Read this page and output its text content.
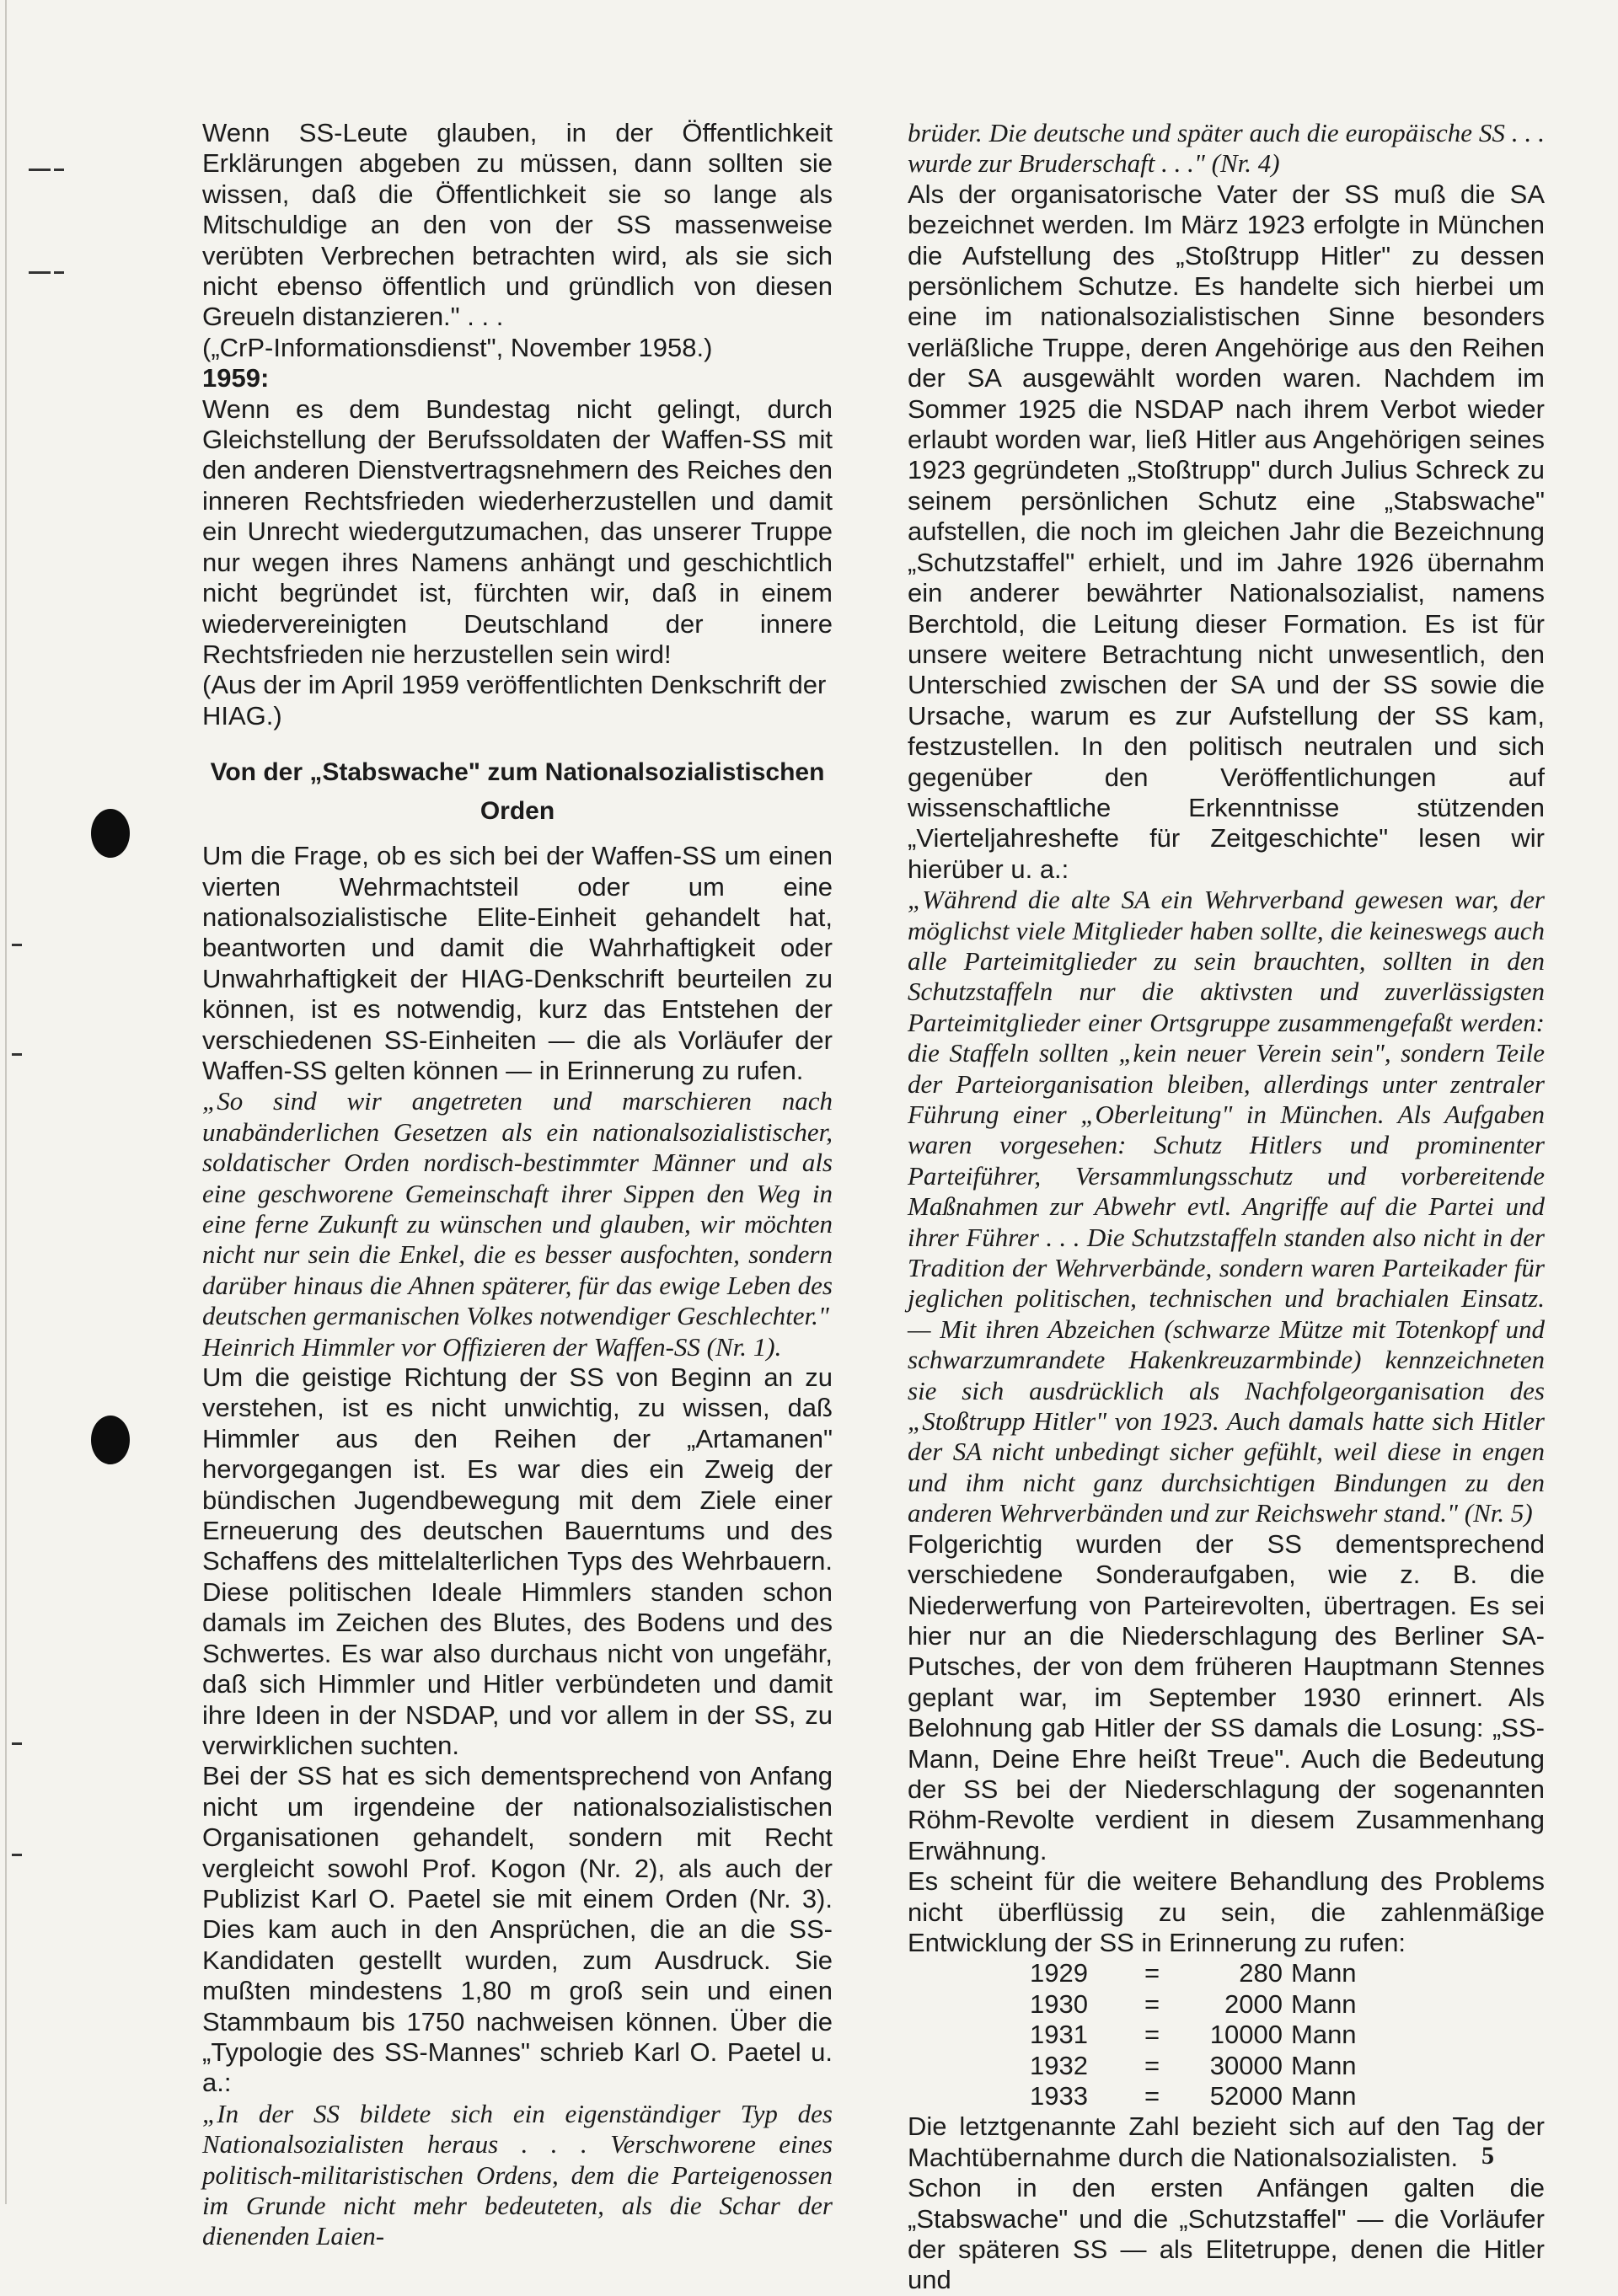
Wenn SS-Leute glauben, in der Öffentlichkeit Erklärungen abgeben zu müssen, dann sollten sie wissen, daß die Öffentlichkeit sie so lange als Mitschuldige an den von der SS massenweise verübten Verbrechen betrachten wird, als sie sich nicht ebenso öffentlich und gründlich von diesen Greueln distanzieren." . . .

(„CrP-Informationsdienst", November 1958.)

1959:

Wenn es dem Bundestag nicht gelingt, durch Gleichstellung der Berufssoldaten der Waffen-SS mit den anderen Dienstvertragsnehmern des Reiches den inneren Rechtsfrieden wiederherzustellen und damit ein Unrecht wiedergutzumachen, das unserer Truppe nur wegen ihres Namens anhängt und geschichtlich nicht begründet ist, fürchten wir, daß in einem wiedervereinigten Deutschland der innere Rechtsfrieden nie herzustellen sein wird!

(Aus der im April 1959 veröffentlichten Denkschrift der HIAG.)

Von der „Stabswache" zum Nationalsozialistischen
Orden

Um die Frage, ob es sich bei der Waffen-SS um einen vierten Wehrmachtsteil oder um eine nationalsozialistische Elite-Einheit gehandelt hat, beantworten und damit die Wahrhaftigkeit oder Unwahrhaftigkeit der HIAG-Denkschrift beurteilen zu können, ist es notwendig, kurz das Entstehen der verschiedenen SS-Einheiten — die als Vorläufer der Waffen-SS gelten können — in Erinnerung zu rufen.

„So sind wir angetreten und marschieren nach unabänderlichen Gesetzen als ein nationalsozialistischer, soldatischer Orden nordisch-bestimmter Männer und als eine geschworene Gemeinschaft ihrer Sippen den Weg in eine ferne Zukunft zu wünschen und glauben, wir möchten nicht nur sein die Enkel, die es besser ausfochten, sondern darüber hinaus die Ahnen späterer, für das ewige Leben des deutschen germanischen Volkes notwendiger Geschlechter."

Heinrich Himmler vor Offizieren der Waffen-SS (Nr. 1).

Um die geistige Richtung der SS von Beginn an zu verstehen, ist es nicht unwichtig, zu wissen, daß Himmler aus den Reihen der „Artamanen" hervorgegangen ist. Es war dies ein Zweig der bündischen Jugendbewegung mit dem Ziele einer Erneuerung des deutschen Bauerntums und des Schaffens des mittelalterlichen Typs des Wehrbauern. Diese politischen Ideale Himmlers standen schon damals im Zeichen des Blutes, des Bodens und des Schwertes. Es war also durchaus nicht von ungefähr, daß sich Himmler und Hitler verbündeten und damit ihre Ideen in der NSDAP, und vor allem in der SS, zu verwirklichen suchten.

Bei der SS hat es sich dementsprechend von Anfang nicht um irgendeine der nationalsozialistischen Organisationen gehandelt, sondern mit Recht vergleicht sowohl Prof. Kogon (Nr. 2), als auch der Publizist Karl O. Paetel sie mit einem Orden (Nr. 3). Dies kam auch in den Ansprüchen, die an die SS-Kandidaten gestellt wurden, zum Ausdruck. Sie mußten mindestens 1,80 m groß sein und einen Stammbaum bis 1750 nachweisen können. Über die „Typologie des SS-Mannes" schrieb Karl O. Paetel u. a.:

„In der SS bildete sich ein eigenständiger Typ des Nationalsozialisten heraus . . . Verschworene eines politisch-militaristischen Ordens, dem die Parteigenossen im Grunde nicht mehr bedeuteten, als die Schar der dienenden Laien-

brüder. Die deutsche und später auch die europäische SS . . . wurde zur Bruderschaft . . ." (Nr. 4)

Als der organisatorische Vater der SS muß die SA bezeichnet werden. Im März 1923 erfolgte in München die Aufstellung des „Stoßtrupp Hitler" zu dessen persönlichem Schutze. Es handelte sich hierbei um eine im nationalsozialistischen Sinne besonders verläßliche Truppe, deren Angehörige aus den Reihen der SA ausgewählt worden waren. Nachdem im Sommer 1925 die NSDAP nach ihrem Verbot wieder erlaubt worden war, ließ Hitler aus Angehörigen seines 1923 gegründeten „Stoßtrupp" durch Julius Schreck zu seinem persönlichen Schutz eine „Stabswache" aufstellen, die noch im gleichen Jahr die Bezeichnung „Schutzstaffel" erhielt, und im Jahre 1926 übernahm ein anderer bewährter Nationalsozialist, namens Berchtold, die Leitung dieser Formation. Es ist für unsere weitere Betrachtung nicht unwesentlich, den Unterschied zwischen der SA und der SS sowie die Ursache, warum es zur Aufstellung der SS kam, festzustellen. In den politisch neutralen und sich gegenüber den Veröffentlichungen auf wissenschaftliche Erkenntnisse stützenden „Vierteljahreshefte für Zeitgeschichte" lesen wir hierüber u. a.:

„Während die alte SA ein Wehrverband gewesen war, der möglichst viele Mitglieder haben sollte, die keineswegs auch alle Parteimitglieder zu sein brauchten, sollten in den Schutzstaffeln nur die aktivsten und zuverlässigsten Parteimitglieder einer Ortsgruppe zusammengefaßt werden: die Staffeln sollten „kein neuer Verein sein", sondern Teile der Parteiorganisation bleiben, allerdings unter zentraler Führung einer „Oberleitung" in München. Als Aufgaben waren vorgesehen: Schutz Hitlers und prominenter Parteiführer, Versammlungsschutz und vorbereitende Maßnahmen zur Abwehr evtl. Angriffe auf die Partei und ihrer Führer . . . Die Schutzstaffeln standen also nicht in der Tradition der Wehrverbände, sondern waren Parteikader für jeglichen politischen, technischen und brachialen Einsatz. — Mit ihren Abzeichen (schwarze Mütze mit Totenkopf und schwarzumrandete Hakenkreuzarmbinde) kennzeichneten sie sich ausdrücklich als Nachfolgeorganisation des „Stoßtrupp Hitler" von 1923. Auch damals hatte sich Hitler der SA nicht unbedingt sicher gefühlt, weil diese in engen und ihm nicht ganz durchsichtigen Bindungen zu den anderen Wehrverbänden und zur Reichswehr stand." (Nr. 5)

Folgerichtig wurden der SS dementsprechend verschiedene Sonderaufgaben, wie z. B. die Niederwerfung von Parteirevolten, übertragen. Es sei hier nur an die Niederschlagung des Berliner SA-Putsches, der von dem früheren Hauptmann Stennes geplant war, im September 1930 erinnert. Als Belohnung gab Hitler der SS damals die Losung: „SS-Mann, Deine Ehre heißt Treue". Auch die Bedeutung der SS bei der Niederschlagung der sogenannten Röhm-Revolte verdient in diesem Zusammenhang Erwähnung.

Es scheint für die weitere Behandlung des Problems nicht überflüssig zu sein, die zahlenmäßige Entwicklung der SS in Erinnerung zu rufen:

1929	=	280	Mann
1930	=	2000	Mann
1931	=	10000	Mann
1932	=	30000	Mann
1933	=	52000	Mann

Die letztgenannte Zahl bezieht sich auf den Tag der Machtübernahme durch die Nationalsozialisten.

Schon in den ersten Anfängen galten die „Stabswache" und die „Schutzstaffel" — die Vorläufer der späteren SS — als Elitetruppe, denen die Hitler und

5
